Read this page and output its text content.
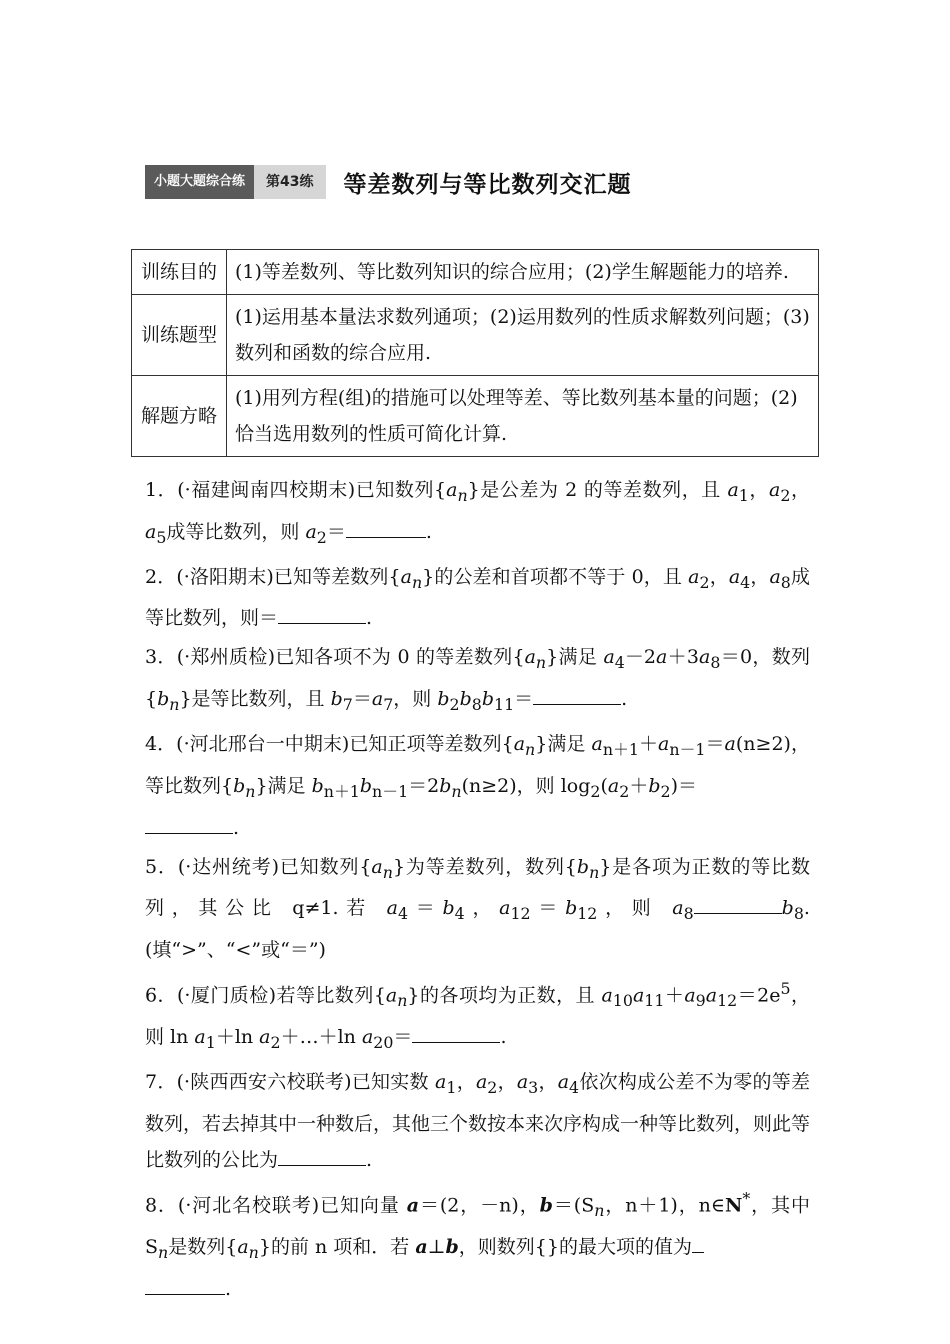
小题大题综合练	第43练	等差数列与等比数列交汇题
训练目的	(1)等差数列、等比数列知识的综合应用；(2)学生解题能力的培养.
训练题型	(1)运用基本量法求数列通项；(2)运用数列的性质求解数列问题；(3)数列和函数的综合应用.
解题方略	(1)用列方程(组)的措施可以处理等差、等比数列基本量的问题；(2)恰当选用数列的性质可简化计算.

1．(·福建闽南四校期末)已知数列$\{a_n\}$是公差为 2 的等差数列，且 $a_1$，$a_2$，$a_5$成等比数列，则 $a_2=$	.

2．(·洛阳期末)已知等差数列$\{a_n\}$的公差和首项都不等于 0，且 $a_2$，$a_4$，$a_8$成等比数列，则＝	.

3．(·郑州质检)已知各项不为 0 的等差数列$\{a_n\}$满足 $a_4-2a+3a_8=0$，数列$\{b_n\}$是等比数列，且 $b_7=a_7$，则 $b_2b_8b_{11}=$	.

4．(·河北邢台一中期末)已知正项等差数列$\{a_n\}$满足 $a_{n+1}+a_{n-1}=a(n\ge 2)$，等比数列$\{b_n\}$满足 $b_{n+1}b_{n-1}=2b_n(n\ge 2)$，则 $\log_2(a_2+b_2)=$
.

5．(·达州统考)已知数列$\{a_n\}$为等差数列，数列$\{b_n\}$是各项为正数的等比数列，其公比 q≠1.若 $a_4=b_4$，$a_{12}=b_{12}$，则 $a_8$	$b_8$.(填“>”、“<”或“＝”)

6．(·厦门质检)若等比数列$\{a_n\}$的各项均为正数，且 $a_{10}a_{11}+a_9a_{12}=2e^5$，则 $\ln a_1+\ln$ $a_2+\dots+\ln$ $a_{20}=$	.

7．(·陕西西安六校联考)已知实数 $a_1$，$a_2$，$a_3$，$a_4$依次构成公差不为零的等差数列，若去掉其中一种数后，其他三个数按本来次序构成一种等比数列，则此等比数列的公比为	.

8．(·河北名校联考)已知向量 a＝(2，－n)，$b=(S_n$，n＋1)，n∈N*，其中 $S_n$是数列$\{a_n\}$的前 n 项和．若 a⊥b，则数列{}的最大项的值为
.
